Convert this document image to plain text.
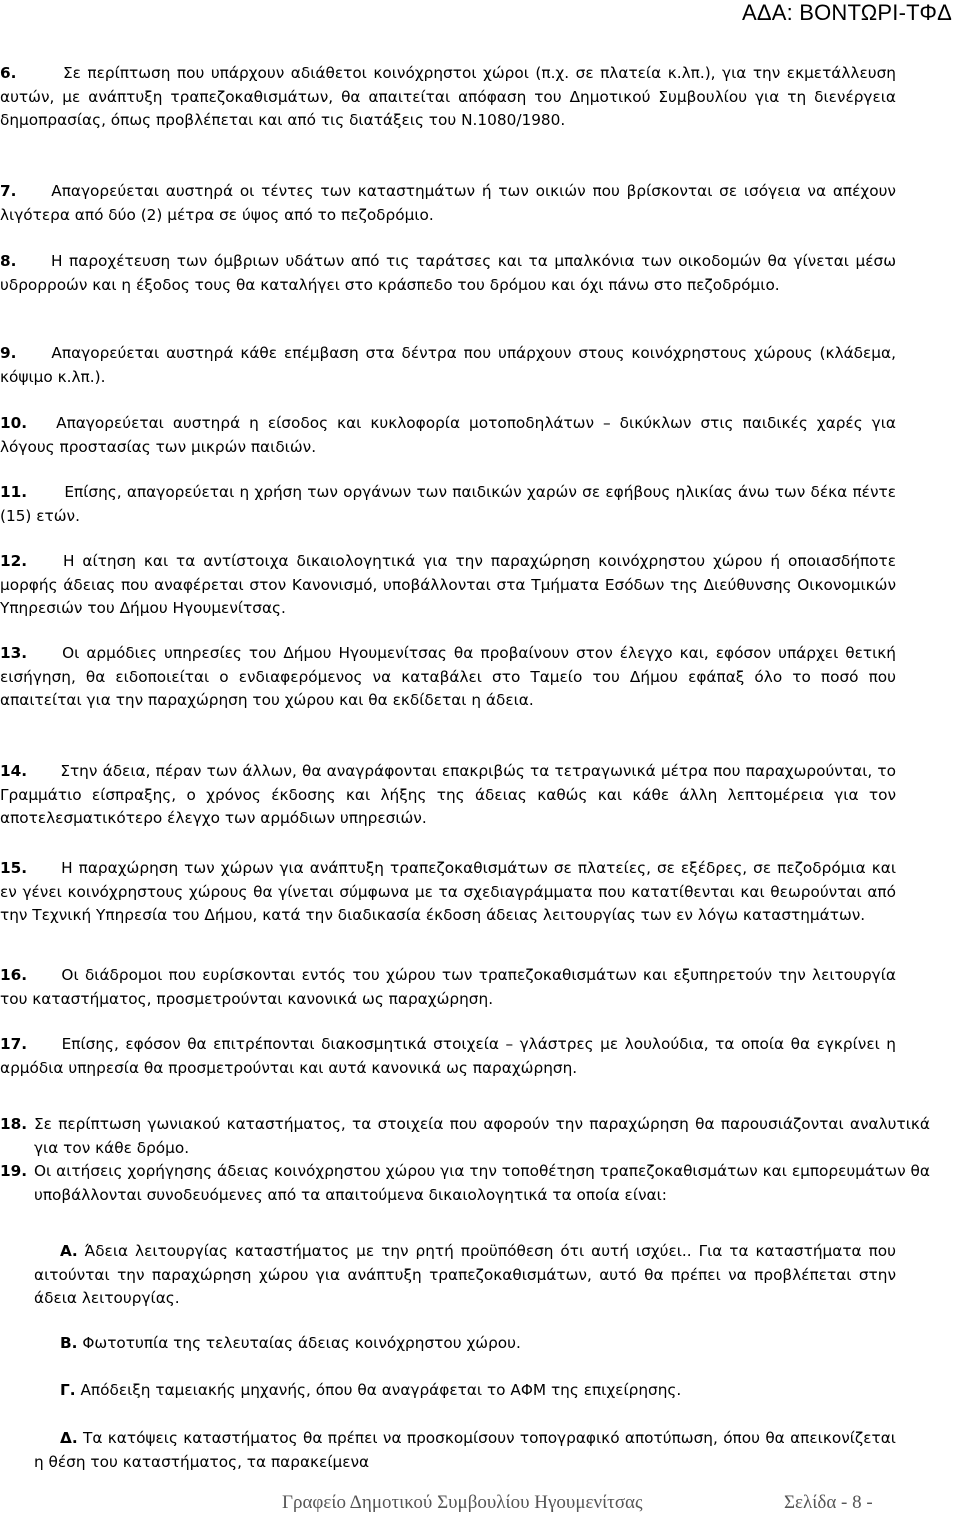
ΑΔΑ: ΒΟΝΤΩΡΙ-ΤΦΔ
6.	Σε περίπτωση που υπάρχουν αδιάθετοι κοινόχρηστοι χώροι (π.χ. σε πλατεία κ.λπ.), για την εκμετάλλευση αυτών, με ανάπτυξη τραπεζοκαθισμάτων, θα απαιτείται απόφαση του Δημοτικού Συμβουλίου για τη διενέργεια δημοπρασίας, όπως προβλέπεται και από τις διατάξεις του Ν.1080/1980.
7. Απαγορεύεται αυστηρά οι τέντες των καταστημάτων ή των οικιών που βρίσκονται σε ισόγεια να απέχουν λιγότερα από δύο (2) μέτρα σε ύψος από το πεζοδρόμιο.
8. Η παροχέτευση των όμβριων υδάτων από τις ταράτσες και τα μπαλκόνια των οικοδομών θα γίνεται μέσω υδρορροών και η έξοδος τους θα καταλήγει στο κράσπεδο του δρόμου και όχι πάνω στο πεζοδρόμιο.
9. Απαγορεύεται αυστηρά κάθε επέμβαση στα δέντρα που υπάρχουν στους κοινόχρηστους χώρους (κλάδεμα, κόψιμο κ.λπ.).
10. Απαγορεύεται αυστηρά η είσοδος και κυκλοφορία μοτοποδηλάτων – δικύκλων στις παιδικές χαρές για λόγους προστασίας των μικρών παιδιών.
11. Επίσης, απαγορεύεται η χρήση των οργάνων των παιδικών χαρών σε εφήβους ηλικίας άνω των δέκα πέντε (15) ετών.
12. Η αίτηση και τα αντίστοιχα δικαιολογητικά για την παραχώρηση κοινόχρηστου χώρου ή οποιασδήποτε μορφής άδειας που αναφέρεται στον Κανονισμό, υποβάλλονται στα Τμήματα Εσόδων της Διεύθυνσης Οικονομικών Υπηρεσιών του Δήμου Ηγουμενίτσας.
13. Οι αρμόδιες υπηρεσίες του Δήμου Ηγουμενίτσας θα προβαίνουν στον έλεγχο και, εφόσον υπάρχει θετική εισήγηση, θα ειδοποιείται ο ενδιαφερόμενος να καταβάλει στο Ταμείο του Δήμου εφάπαξ όλο το ποσό που απαιτείται για την παραχώρηση του χώρου και θα εκδίδεται η άδεια.
14. Στην άδεια, πέραν των άλλων, θα αναγράφονται επακριβώς τα τετραγωνικά μέτρα που παραχωρούνται, το Γραμμάτιο είσπραξης, ο χρόνος έκδοσης και λήξης της άδειας καθώς και κάθε άλλη λεπτομέρεια για τον αποτελεσματικότερο έλεγχο των αρμόδιων υπηρεσιών.
15. Η παραχώρηση των χώρων για ανάπτυξη τραπεζοκαθισμάτων σε πλατείες, σε εξέδρες, σε πεζοδρόμια και εν γένει κοινόχρηστους χώρους θα γίνεται σύμφωνα με τα σχεδιαγράμματα που κατατίθενται και θεωρούνται από την Τεχνική Υπηρεσία του Δήμου, κατά την διαδικασία έκδοση άδειας λειτουργίας των εν λόγω καταστημάτων.
16. Οι διάδρομοι που ευρίσκονται εντός του χώρου των τραπεζοκαθισμάτων και εξυπηρετούν την λειτουργία του καταστήματος, προσμετρούνται κανονικά ως παραχώρηση.
17. Επίσης, εφόσον θα επιτρέπονται διακοσμητικά στοιχεία – γλάστρες με λουλούδια, τα οποία θα εγκρίνει η αρμόδια υπηρεσία θα προσμετρούνται και αυτά κανονικά ως παραχώρηση.
18. Σε περίπτωση γωνιακού καταστήματος, τα στοιχεία που αφορούν την παραχώρηση θα παρουσιάζονται αναλυτικά για τον κάθε δρόμο.
19. Οι αιτήσεις χορήγησης άδειας κοινόχρηστου χώρου για την τοποθέτηση τραπεζοκαθισμάτων και εμπορευμάτων θα υποβάλλονται συνοδευόμενες από τα απαιτούμενα δικαιολογητικά τα οποία είναι:
Α. Άδεια λειτουργίας καταστήματος με την ρητή προϋπόθεση ότι αυτή ισχύει.. Για τα καταστήματα που αιτούνται την παραχώρηση χώρου για ανάπτυξη τραπεζοκαθισμάτων, αυτό θα πρέπει να προβλέπεται στην άδεια λειτουργίας.
Β. Φωτοτυπία της τελευταίας άδειας κοινόχρηστου χώρου.
Γ. Απόδειξη ταμειακής μηχανής, όπου θα αναγράφεται το ΑΦΜ της επιχείρησης.
Δ. Τα κατόψεις καταστήματος θα πρέπει να προσκομίσουν τοπογραφικό αποτύπωση, όπου θα απεικονίζεται η θέση του καταστήματος, τα παρακείμενα
Γραφείο Δημοτικού Συμβουλίου Ηγουμενίτσας	Σελίδα - 8 -
